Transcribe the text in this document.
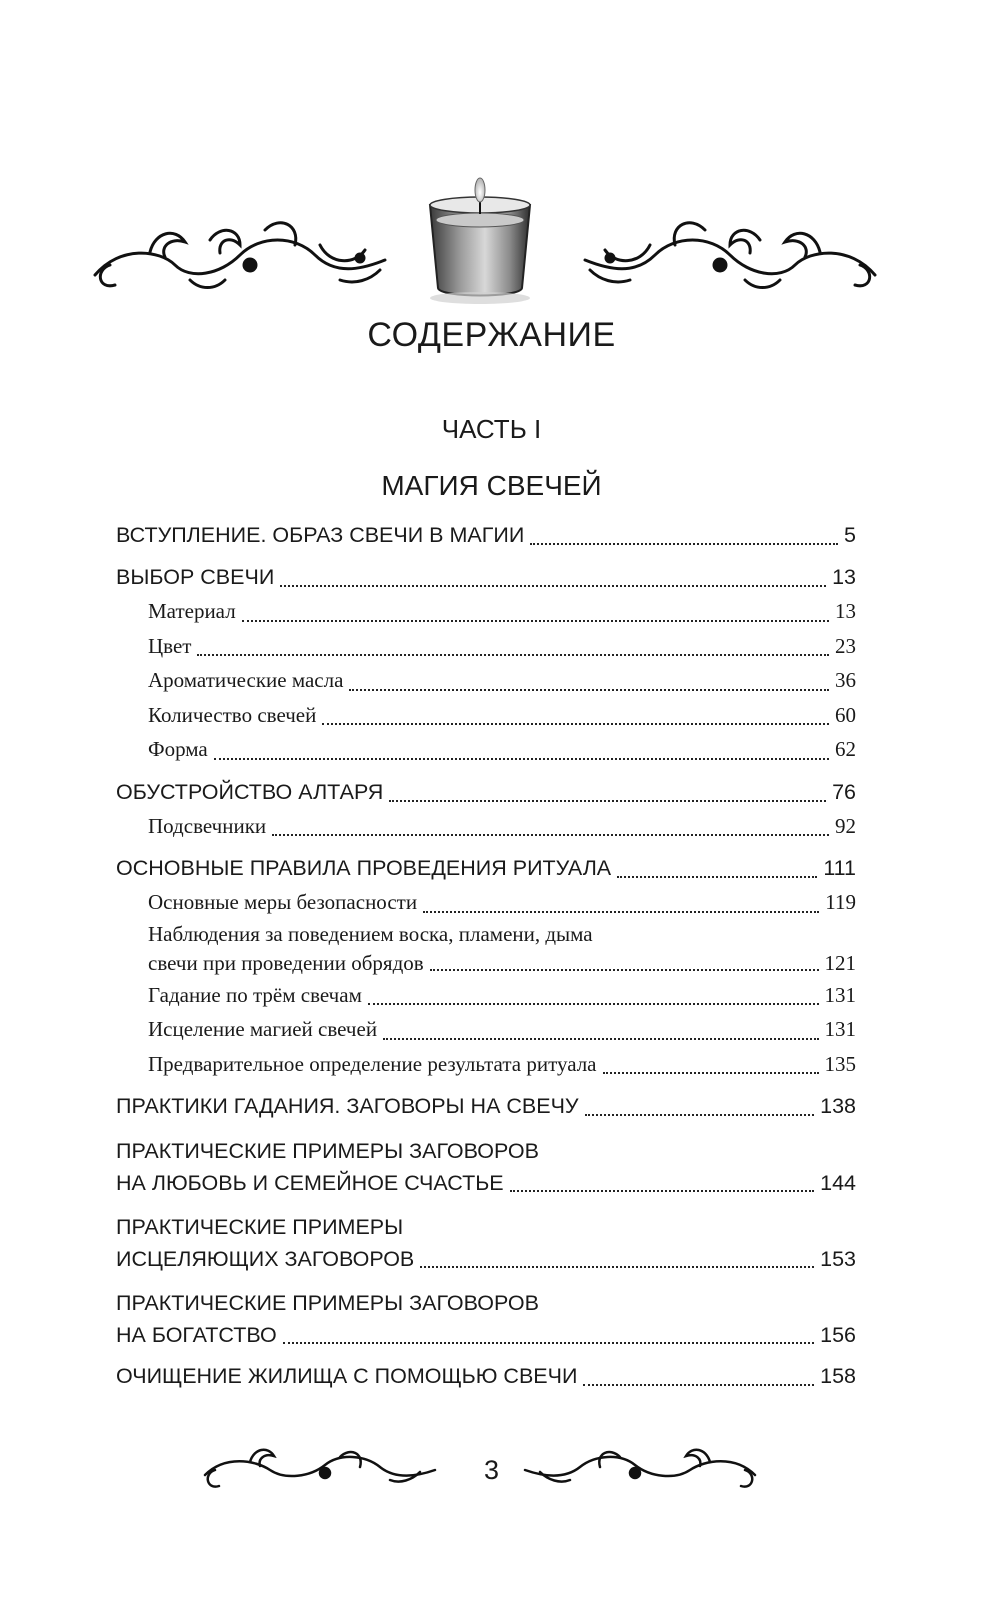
СОДЕРЖАНИЕ
ЧАСТЬ I
МАГИЯ СВЕЧЕЙ
ВСТУПЛЕНИЕ. ОБРАЗ СВЕЧИ В МАГИИ	5
ВЫБОР СВЕЧИ	13
Материал	13
Цвет	23
Ароматические масла	36
Количество свечей	60
Форма	62
ОБУСТРОЙСТВО АЛТАРЯ	76
Подсвечники	92
ОСНОВНЫЕ ПРАВИЛА ПРОВЕДЕНИЯ РИТУАЛА	111
Основные меры безопасности	119
Наблюдения за поведением воска, пламени, дыма
свечи при проведении обрядов	121
Гадание по трём свечам	131
Исцеление магией свечей	131
Предварительное определение результата ритуала	135
ПРАКТИКИ ГАДАНИЯ. ЗАГОВОРЫ НА СВЕЧУ	138
ПРАКТИЧЕСКИЕ ПРИМЕРЫ ЗАГОВОРОВ
НА ЛЮБОВЬ И СЕМЕЙНОЕ СЧАСТЬЕ	144
ПРАКТИЧЕСКИЕ ПРИМЕРЫ
ИСЦЕЛЯЮЩИХ ЗАГОВОРОВ	153
ПРАКТИЧЕСКИЕ ПРИМЕРЫ ЗАГОВОРОВ
НА БОГАТСТВО	156
ОЧИЩЕНИЕ ЖИЛИЩА С ПОМОЩЬЮ СВЕЧИ	158
3
